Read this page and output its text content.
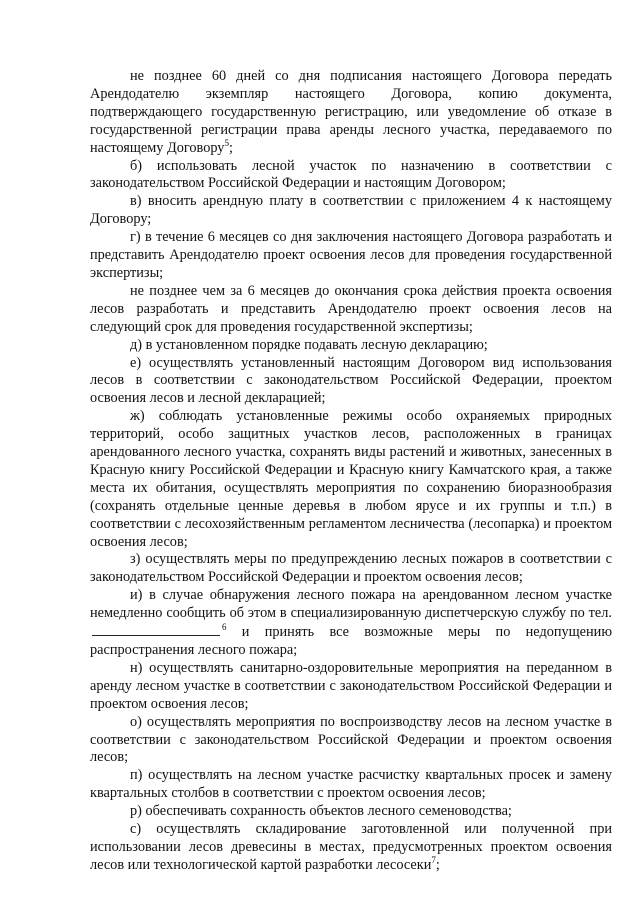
не позднее 60 дней со дня подписания настоящего Договора передать Арендодателю экземпляр настоящего Договора, копию документа, подтверждающего государственную регистрацию, или уведомление об отказе в государственной регистрации права аренды лесного участка, передаваемого по настоящему Договору$^5$;

б) использовать лесной участок по назначению в соответствии с законодательством Российской Федерации и настоящим Договором;

в) вносить арендную плату в соответствии с приложением 4 к настоящему Договору;

г) в течение 6 месяцев со дня заключения настоящего Договора разработать и представить Арендодателю проект освоения лесов для проведения государственной экспертизы;

не позднее чем за 6 месяцев до окончания срока действия проекта освоения лесов разработать и представить Арендодателю проект освоения лесов на следующий срок для проведения государственной экспертизы;

д) в установленном порядке подавать лесную декларацию;

е) осуществлять установленный настоящим Договором вид использования лесов в соответствии с законодательством Российской Федерации, проектом освоения лесов и лесной декларацией;

ж) соблюдать установленные режимы особо охраняемых природных территорий, особо защитных участков лесов, расположенных в границах арендованного лесного участка, сохранять виды растений и животных, занесенных в Красную книгу Российской Федерации и Красную книгу Камчатского края, а также места их обитания, осуществлять мероприятия по сохранению биоразнообразия (сохранять отдельные ценные деревья в любом ярусе и их группы и т.п.) в соответствии с лесохозяйственным регламентом лесничества (лесопарка) и проектом освоения лесов;

з) осуществлять меры по предупреждению лесных пожаров в соответствии с законодательством Российской Федерации и проектом освоения лесов;

и) в случае обнаружения лесного пожара на арендованном лесном участке немедленно сообщить об этом в специализированную диспетчерскую службу по тел. $^6$ и принять все возможные меры по недопущению распространения лесного пожара;

н) осуществлять санитарно-оздоровительные мероприятия на переданном в аренду лесном участке в соответствии с законодательством Российской Федерации и проектом освоения лесов;

о) осуществлять мероприятия по воспроизводству лесов на лесном участке в соответствии с законодательством Российской Федерации и проектом освоения лесов;

п) осуществлять на лесном участке расчистку квартальных просек и замену квартальных столбов в соответствии с проектом освоения лесов;

р) обеспечивать сохранность объектов лесного семеноводства;

с) осуществлять складирование заготовленной или полученной при использовании лесов древесины в местах, предусмотренных проектом освоения лесов или технологической картой разработки лесосеки$^7$;
